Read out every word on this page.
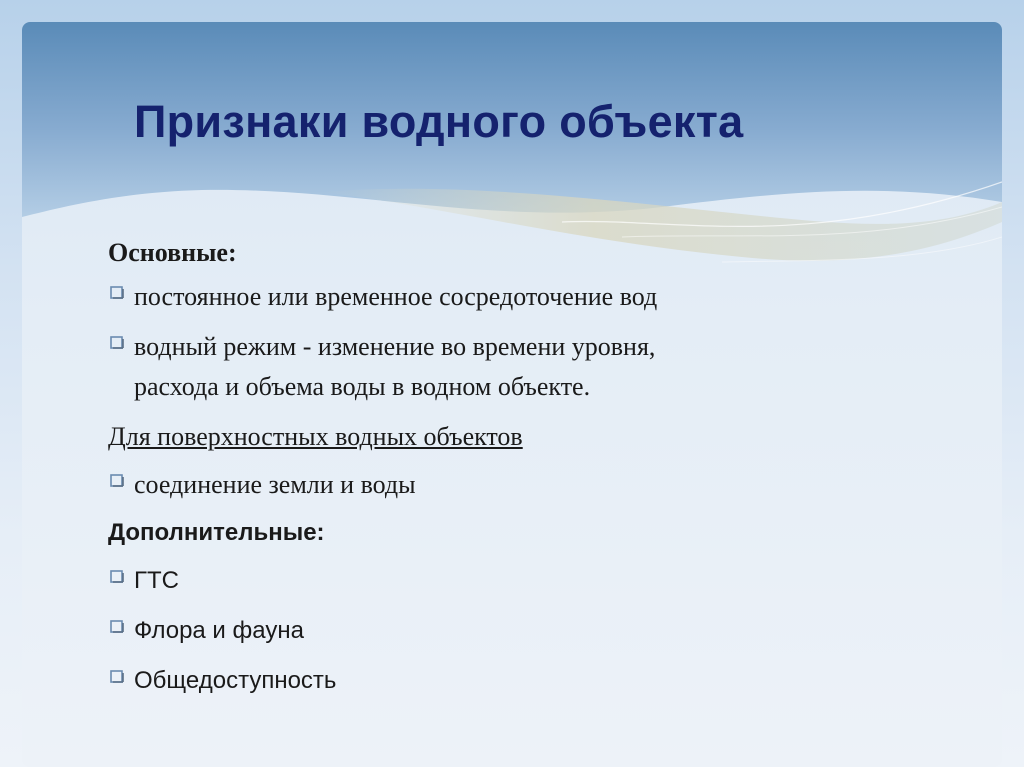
Признаки водного объекта

Основные:

постоянное или временное сосредоточение вод
водный режим - изменение во времени уровня,

расхода и объема воды в водном объекте.

Для поверхностных водных объектов

соединение земли и воды

Дополнительные:

ГТС
Флора и фауна
Общедоступность
